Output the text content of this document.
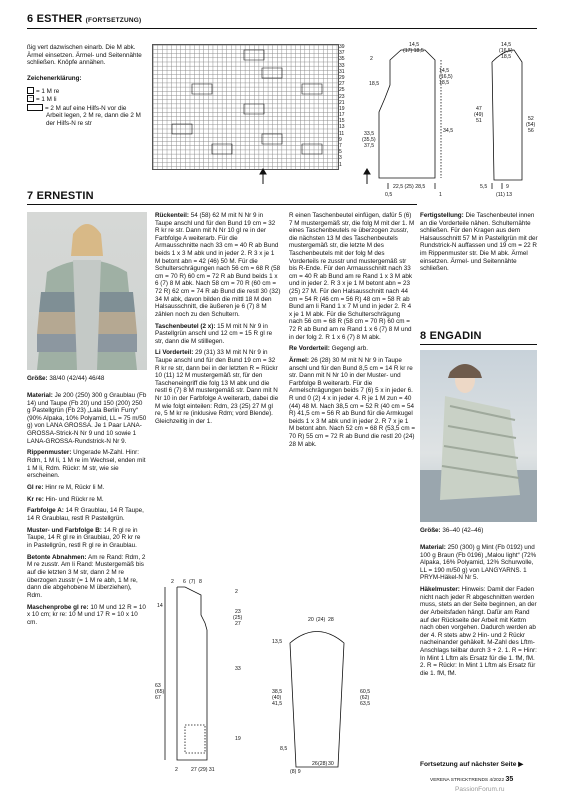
6 ESTHER (FORTSETZUNG)

ßig vert dazwischen einarb. Die M abk. Ärmel einsetzen. Ärmel- und Seitennähte schließen. Knöpfe annähen.

Zeichenerklärung:

= 1 M re

– = 1 M li

= 2 M auf eine Hilfs-N vor die Arbeit legen, 2 M re, dann die 2 M der Hilfs-N re str

39
37
35
33
31
29
27
25
23
21
19
17
15
13
11
9
7
5
3
1
14,5
(17) 18,5
2
18,5
14,5
(16,5)
18,5
33,5
(35,5)
37,5
34,5
0,5
22,5 (25) 28,5
1
14,5
(16,5)
18,5
47
(49)
51	52
(54)
56
5,5	9
(11) 13
7 ERNESTIN
Größe: 38/40 (42/44) 46/48

Material: Je 200 (250) 300 g Graublau (Fb 14) und Taupe (Fb 20) und 150 (200) 250 g Pastellgrün (Fb 23) „Lala Berlin Furry“ (90% Alpaka, 10% Polyamid, LL = 75 m/50 g) von LANA GROSSA. Je 1 Paar LANA-GROSSA-Strick-N Nr 9 und 10 sowie 1 LANA-GROSSA-Rundstrick-N Nr 9.

Rippenmuster: Ungerade M-Zahl. Hinr: Rdm, 1 M li, 1 M re im Wechsel, enden mit 1 M li, Rdm. Rückr: M str, wie sie erscheinen.

Gl re: Hinr re M, Rückr li M.

Kr re: Hin- und Rückr re M.

Farbfolge A: 14 R Graublau, 14 R Taupe, 14 R Graublau, restl R Pastellgrün.

Muster- und Farbfolge B: 14 R gl re in Taupe, 14 R gl re in Graublau, 20 R kr re in Pastellgrün, restl R gl re in Graublau.

Betonte Abnahmen: Am re Rand: Rdm, 2 M re zusstr. Am li Rand: Mustergemäß bis auf die letzten 3 M str, dann 2 M re überzogen zusstr (= 1 M re abh, 1 M re, dann die abgehobene M überziehen), Rdm.

Maschenprobe gl re: 10 M und 12 R = 10 x 10 cm; kr re: 10 M und 17 R = 10 x 10 cm.

Rückenteil: 54 (58) 62 M mit N Nr 9 in Taupe anschl und für den Bund 19 cm = 32 R kr re str. Dann mit N Nr 10 gl re in der Farbfolge A weiterarb. Für die Armausschnitte nach 33 cm = 40 R ab Bund beids 1 x 3 M abk und in jeder 2. R 3 x je 1 M betont abn = 42 (46) 50 M. Für die Schulterschrägungen nach 56 cm = 68 R (58 cm = 70 R) 60 cm = 72 R ab Bund beids 1 x 6 (7) 8 M abk. Nach 58 cm = 70 R (60 cm = 72 R) 62 cm = 74 R ab Bund die restl 30 (32) 34 M abk, davon bilden die mittl 18 M den Halsausschnitt, die äußeren je 6 (7) 8 M zählen noch zu den Schultern.

Taschenbeutel (2 x): 15 M mit N Nr 9 in Pastellgrün anschl und 12 cm = 15 R gl re str, dann die M stilllegen.

Li Vorderteil: 29 (31) 33 M mit N Nr 9 in Taupe anschl und für den Bund 19 cm = 32 R kr re str, dann bei in der letzten R = Rückr 10 (11) 12 M mustergemäß str, für den Tascheneingriff die folg 13 M abk und die restl 6 (7) 8 M mustergemäß str. Dann mit N Nr 10 in der Farbfolge A weiterarb, dabei die M wie folgt einteilen: Rdm, 23 (25) 27 M gl re, 5 M kr re (inklusive Rdm; vord Blende). Gleichzeitig in der 1.

R einen Taschenbeutel einfügen, dafür 5 (6) 7 M mustergemäß str, die folg M mit der 1. M eines Taschenbeutels re überzogen zusstr, die nächsten 13 M des Taschenbeutels mustergemäß str, die letzte M des Taschenbeutels mit der folg M des Vorderteils re zusstr und mustergemäß str bis R-Ende. Für den Armausschnitt nach 33 cm = 40 R ab Bund am re Rand 1 x 3 M abk und in jeder 2. R 3 x je 1 M betont abn = 23 (25) 27 M. Für den Halsausschnitt nach 44 cm = 54 R (46 cm = 56 R) 48 cm = 58 R ab Bund am li Rand 1 x 7 M und in jeder 2. R 4 x je 1 M abk. Für die Schulterschrägung nach 56 cm = 68 R (58 cm = 70 R) 60 cm = 72 R ab Bund am re Rand 1 x 6 (7) 8 M und in der folg 2. R 1 x 6 (7) 8 M abk.

Re Vorderteil: Gegengl arb.

Ärmel: 26 (28) 30 M mit N Nr 9 in Taupe anschl und für den Bund 8,5 cm = 14 R kr re str. Dann mit N Nr 10 in der Muster- und Farbfolge B weiterarb. Für die Armelschrägungen beids 7 (6) 5 x in jeder 6. R und 0 (2) 4 x in jeder 4. R je 1 M zun = 40 (44) 48 M. Nach 38,5 cm = 52 R (40 cm = 54 R) 41,5 cm = 56 R ab Bund für die Armkugel beids 1 x 3 M abk und in jeder 2. R 7 x je 1 M betont abn. Nach 52 cm = 68 R (53,5 cm = 70 R) 55 cm = 72 R ab Bund die restl 20 (24) 28 M abk.

Fertigstellung: Die Taschenbeutel innen an die Vorderteile nähen. Schulternähte schließen. Für den Kragen aus dem Halsausschnitt 57 M in Pastellgrün mit der Rundstrick-N auffassen und 19 cm = 22 R im Rippenmuster str. Die M abk. Ärmel einsetzen. Ärmel- und Seitennähte schließen.

2 6 (7) 8
14
2
23
(25)
27
33
63
(65)
67
19
2	27 (29) 31
20 (24) 28
13,5
38,5
(40)
41,5
60,5
(62)
63,5
8,5
26 (28) 30
(8) 9
8 ENGADIN
Größe: 36–40 (42–46)

Material: 250 (300) g Mint (Fb 0192) und 100 g Braun (Fb 0196) „Malou light“ (72% Alpaka, 16% Polyamid, 12% Schurwolle, LL = 190 m/50 g) von LANGYARNS. 1 PRYM-Häkel-N Nr 5.

Häkelmuster: Hinweis: Damit der Faden nicht nach jeder R abgeschnitten werden muss, stets an der Seite beginnen, an der der Arbeitsfaden hängt. Dafür am Rand auf der Rückseite der Arbeit mit Kettm nach oben vorgehen. Dadurch werden ab der 4. R stets abw 2 Hin- und 2 Rückr nacheinander gehäkelt. M-Zahl des Lftm-Anschlags teilbar durch 3 + 2. 1. R = Hinr: In Mint 1 Lftm als Ersatz für die 1. fM, fM. 2. R = Rückr: In Mint 1 Lftm als Ersatz für die 1. fM, fM.

Fortsetzung auf nächster Seite ▶
VERENA STRICKTRENDS 4/2022 35
PassionForum.ru
